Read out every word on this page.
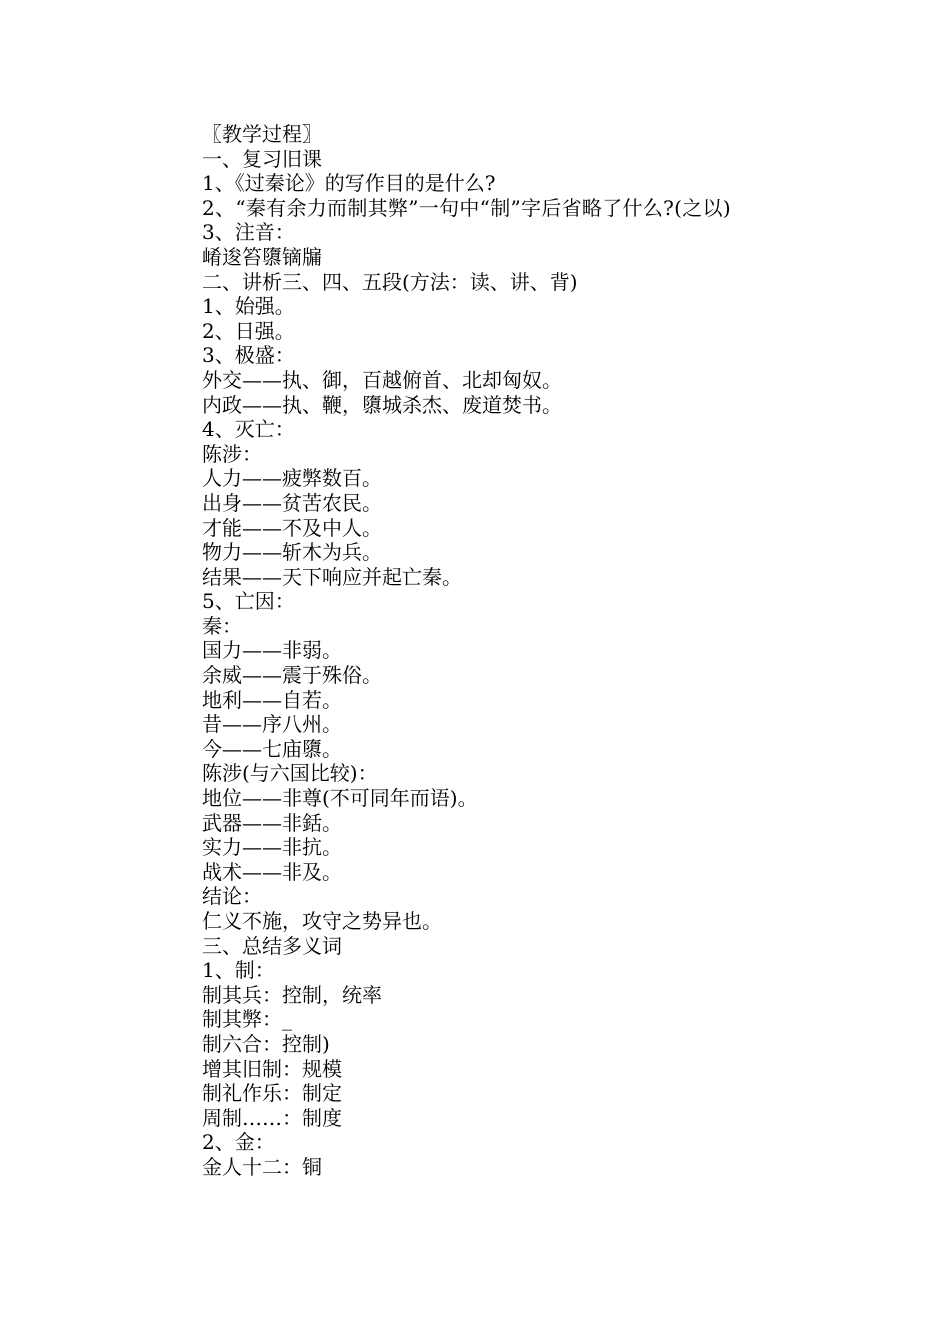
〖教学过程〗
一、复习旧课
1、《过秦论》的写作目的是什么?
2、“秦有余力而制其弊”一句中“制”字后省略了什么?(之以)
3、注音：
崤逡笞隳镝牖
二、讲析三、四、五段(方法：读、讲、背)
1、始强。
2、日强。
3、极盛：
外交——执、御，百越俯首、北却匈奴。
内政——执、鞭，隳城杀杰、废道焚书。
4、灭亡：
陈涉：
人力——疲弊数百。
出身——贫苦农民。
才能——不及中人。
物力——斩木为兵。
结果——天下响应并起亡秦。
5、亡因：
秦：
国力——非弱。
余威——震于殊俗。
地利——自若。
昔——序八州。
今——七庙隳。
陈涉(与六国比较)：
地位——非尊(不可同年而语)。
武器——非銛。
实力——非抗。
战术——非及。
结论：
仁义不施，攻守之势异也。
三、总结多义词
1、制：
制其兵：控制，统率
制其弊：_
制六合：控制)
增其旧制：规模
制礼作乐：制定
周制……：制度
2、金：
金人十二：铜
